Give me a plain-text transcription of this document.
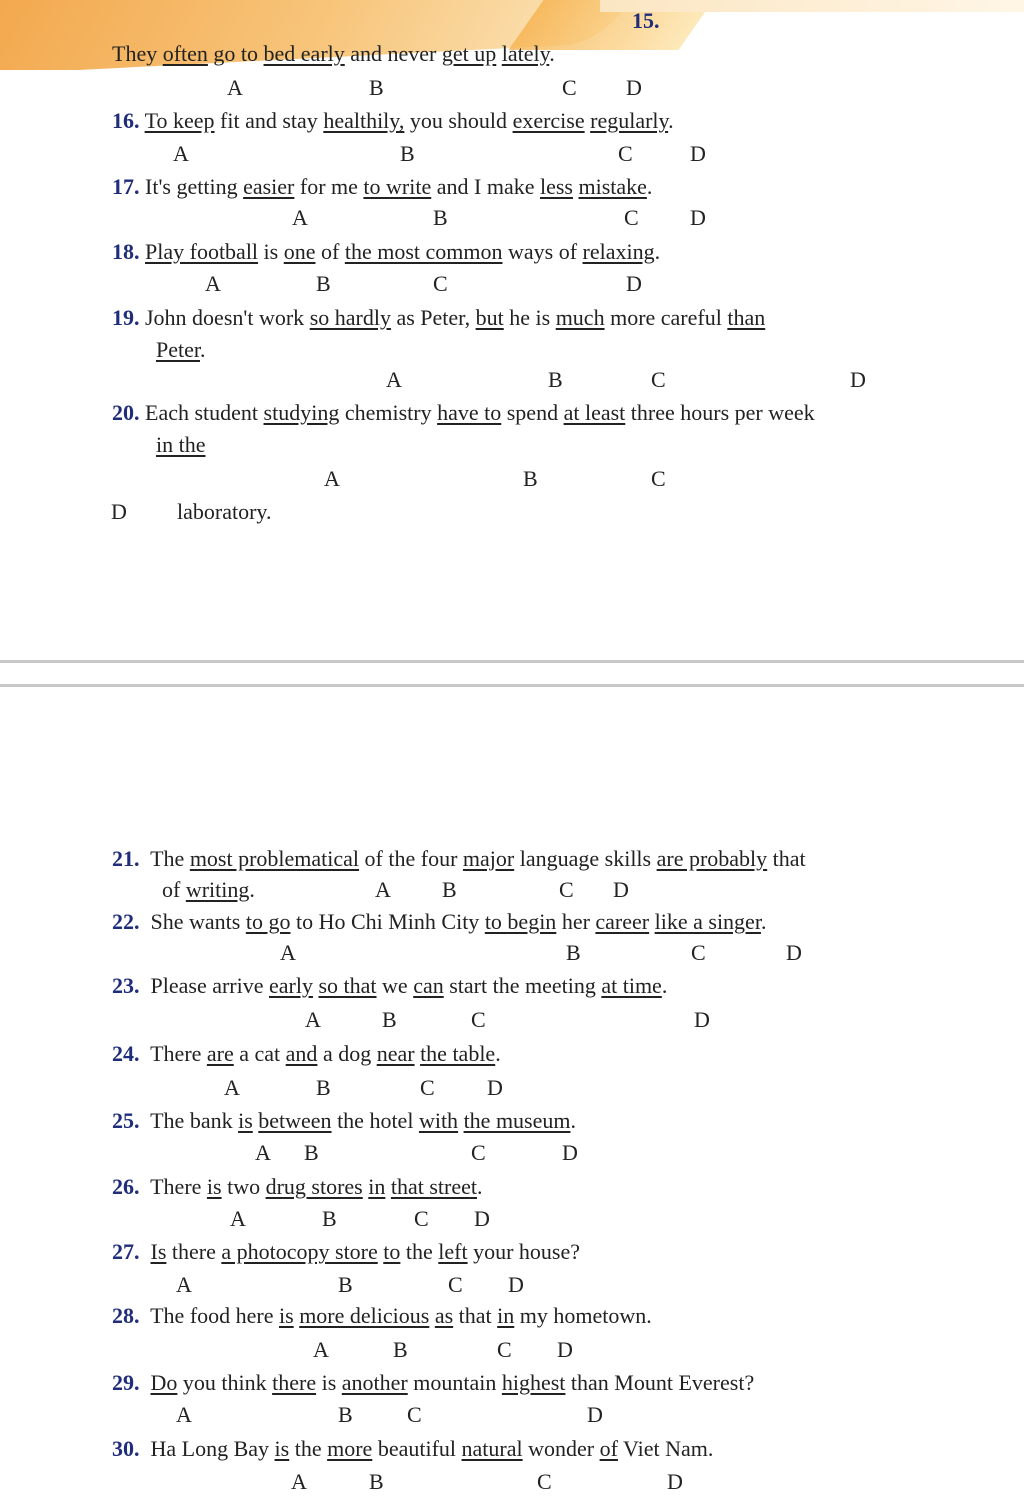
15.
They often go to bed early and never get up lately.
A	B	C D
16. To keep fit and stay healthily, you should exercise regularly.
A	B	C	D
17. It's getting easier for me to write and I make less mistake.
A	B	C D
18. Play football is one of the most common ways of relaxing.
A	B	C	D
19. John doesn't work so hardly as Peter, but he is much more careful than
Peter.
A	B	C	D
20. Each student studying chemistry have to spend at least three hours per week
in the
A	B	C
D laboratory.
21. The most problematical of the four major language skills are probably that
of writing.	A B	C D
22. She wants to go to Ho Chi Minh City to begin her career like a singer.
A	B	C	D
23. Please arrive early so that we can start the meeting at time.
A	B	C	D
24. There are a cat and a dog near the table.
A	B	C D
25. The bank is between the hotel with the museum.
A B	C	D
26. There is two drug stores in that street.
A	B	C D
27. Is there a photocopy store to the left your house?
A	B	C D
28. The food here is more delicious as that in my hometown.
A	B	C D
29. Do you think there is another mountain highest than Mount Everest?
A	B C	D
30. Ha Long Bay is the more beautiful natural wonder of Viet Nam.
A	B	C	D
